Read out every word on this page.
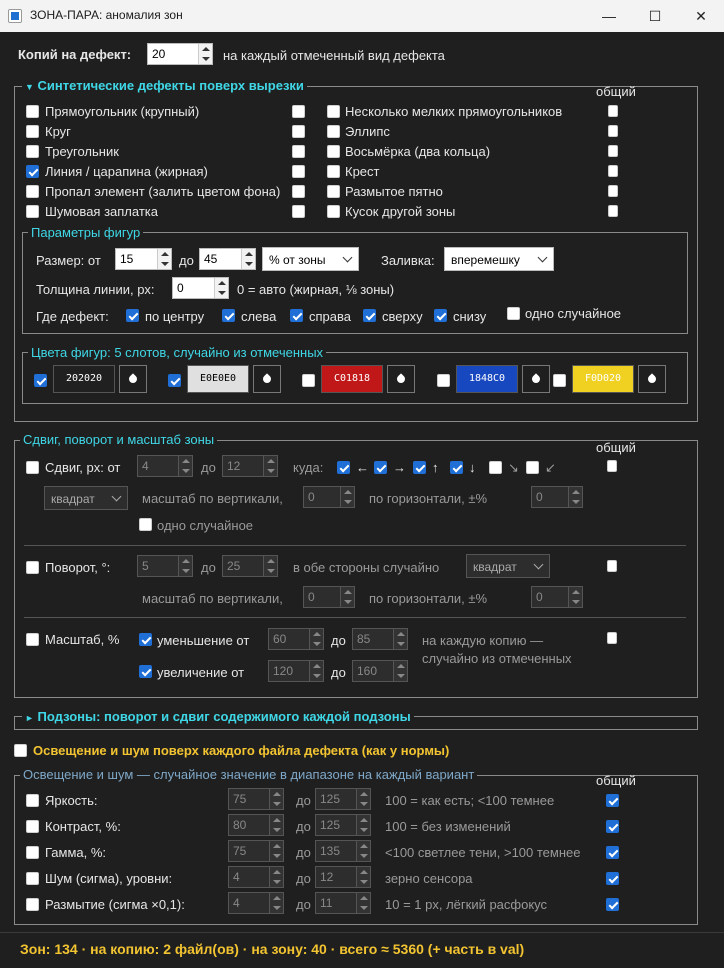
ЗОНА-ПАРА: аномалия зон	—	☐	✕
Копий на дефект: 20	на каждый отмеченный вид дефекта
▼ Синтетические дефекты поверх вырезки	общий
Прямоугольник (крупный)
Круг
Треугольник
Линия / царапина (жирная)
Пропал элемент (залить цветом фона)
Шумовая заплатка
Несколько мелких прямоугольников
Эллипс
Восьмёрка (два кольца)
Крест
Размытое пятно
Кусок другой зоны
Параметры фигур
Размер: от 15	до 45	% от зоны	Заливка: вперемешку
Толщина линии, px: 0	0 = авто (жирная, ⅛ зоны)
Где дефект:	по центру	слева	справа сверху снизу	одно случайное
Цвета фигур: 5 слотов, случайно из отмеченных
202020	E0E0E0	C01818	1848C0	F0D020
Сдвиг, поворот и масштаб зоны
общий
Сдвиг, px: от 4	до 12	куда:	← → ↑ ↓	↘ ↙
квадрат	масштаб по вертикали, 0	по горизонтали, ±%	0
одно случайное
Поворот, °:	5	до 25	в обе стороны случайно	квадрат
масштаб по вертикали, 0	по горизонтали, ±%	0
Масштаб, %	уменьшение от 60	до 85	на каждую копию —
случайно из отмеченных
увеличение от 120	до 160
► Подзоны: поворот и сдвиг содержимого каждой подзоны
Освещение и шум поверх каждого файла дефекта (как у нормы)
Освещение и шум — случайное значение в диапазоне на каждый вариант	общий
Яркость:	75	до 125	100 = как есть; <100 темнее
Контраст, %:	80	до 125	100 = без изменений
Гамма, %:	75	до 135	<100 светлее тени, >100 темнее
Шум (сигма), уровни:	4	до 12	зерно сенсора
Размытие (сигма ×0,1):	4	до 11	10 = 1 px, лёгкий расфокус
Зон: 134 · на копию: 2 файл(ов) · на зону: 40 · всего ≈ 5360 (+ часть в val)
